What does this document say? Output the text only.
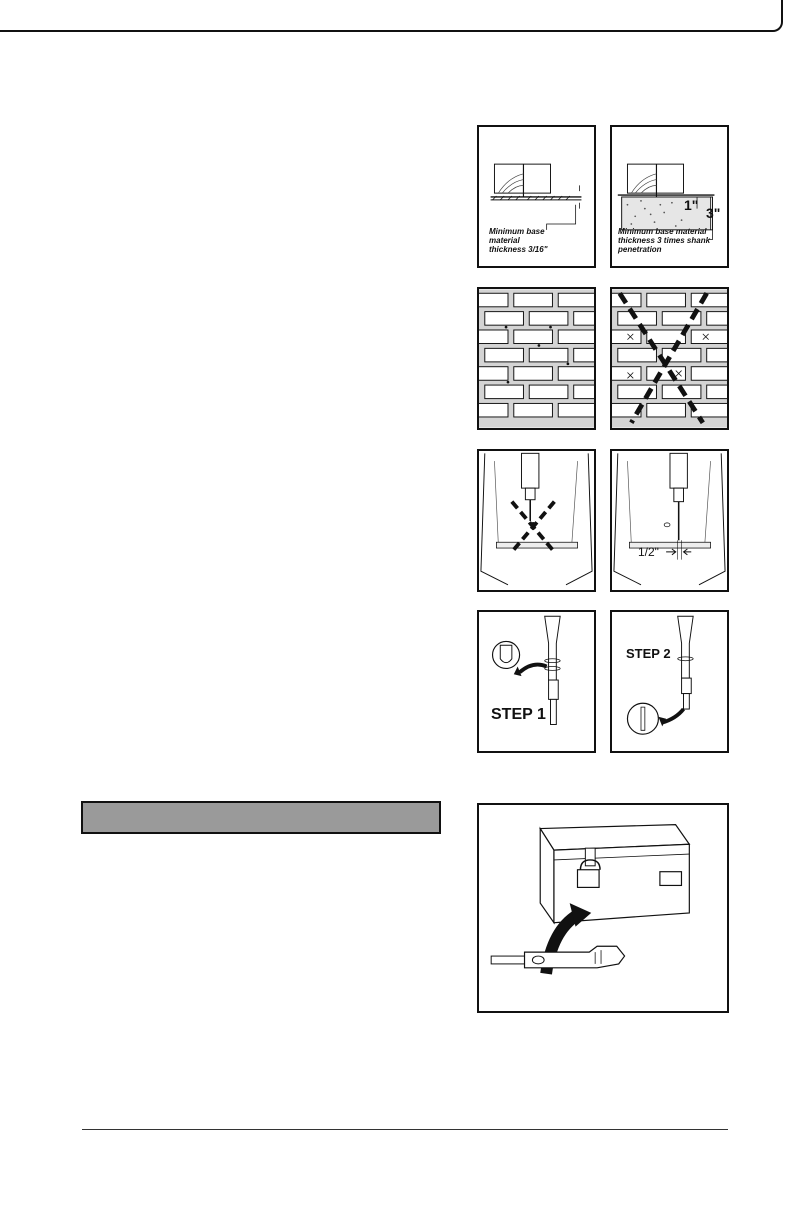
Minimum base
material
thickness 3/16"
1" 3"
Minimum base material
thickness 3 times shank
penetration
1/2"
STEP 1
STEP 2
